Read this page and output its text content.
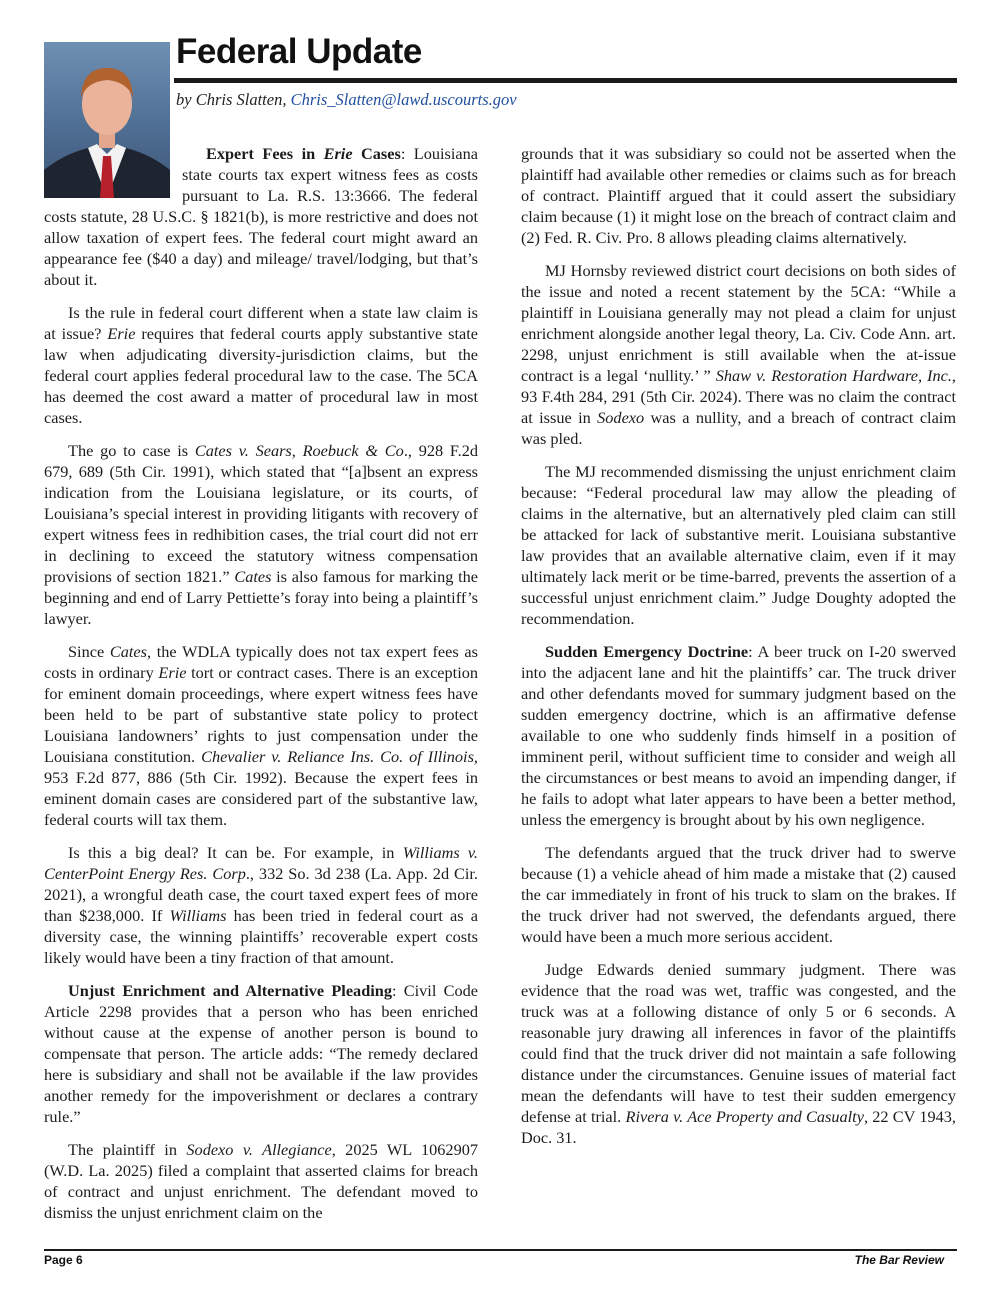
Federal Update
by Chris Slatten, Chris_Slatten@lawd.uscourts.gov

Expert Fees in Erie Cases: Louisiana state courts tax expert witness fees as costs pursuant to La. R.S. 13:3666. The federal costs statute, 28 U.S.C. § 1821(b), is more restrictive and does not allow taxation of expert fees. The federal court might award an appearance fee ($40 a day) and mileage/ travel/lodging, but that’s about it.

Is the rule in federal court different when a state law claim is at issue? Erie requires that federal courts apply substantive state law when adjudicating diversity-jurisdiction claims, but the federal court applies federal procedural law to the case. The 5CA has deemed the cost award a matter of procedural law in most cases.

The go to case is Cates v. Sears, Roebuck & Co., 928 F.2d 679, 689 (5th Cir. 1991), which stated that “[a]bsent an express indication from the Louisiana legislature, or its courts, of Louisiana’s special interest in providing litigants with recovery of expert witness fees in redhibition cases, the trial court did not err in declining to exceed the statutory witness compensation provisions of section 1821.” Cates is also famous for marking the beginning and end of Larry Pettiette’s foray into being a plaintiff’s lawyer.

Since Cates, the WDLA typically does not tax expert fees as costs in ordinary Erie tort or contract cases. There is an exception for eminent domain proceedings, where expert witness fees have been held to be part of substantive state policy to protect Louisiana landowners’ rights to just compensation under the Louisiana constitution. Chevalier v. Reliance Ins. Co. of Illinois, 953 F.2d 877, 886 (5th Cir. 1992). Because the expert fees in eminent domain cases are considered part of the substantive law, federal courts will tax them.

Is this a big deal? It can be. For example, in Williams v. CenterPoint Energy Res. Corp., 332 So. 3d 238 (La. App. 2d Cir. 2021), a wrongful death case, the court taxed expert fees of more than $238,000. If Williams has been tried in federal court as a diversity case, the winning plaintiffs’ recoverable expert costs likely would have been a tiny fraction of that amount.

Unjust Enrichment and Alternative Pleading: Civil Code Article 2298 provides that a person who has been enriched without cause at the expense of another person is bound to compensate that person. The article adds: “The remedy declared here is subsidiary and shall not be available if the law provides another remedy for the impoverishment or declares a contrary rule.”

The plaintiff in Sodexo v. Allegiance, 2025 WL 1062907 (W.D. La. 2025) filed a complaint that asserted claims for breach of contract and unjust enrichment. The defendant moved to dismiss the unjust enrichment claim on the

grounds that it was subsidiary so could not be asserted when the plaintiff had available other remedies or claims such as for breach of contract. Plaintiff argued that it could assert the subsidiary claim because (1) it might lose on the breach of contract claim and (2) Fed. R. Civ. Pro. 8 allows pleading claims alternatively.

MJ Hornsby reviewed district court decisions on both sides of the issue and noted a recent statement by the 5CA: “While a plaintiff in Louisiana generally may not plead a claim for unjust enrichment alongside another legal theory, La. Civ. Code Ann. art. 2298, unjust enrichment is still available when the at-issue contract is a legal ‘nullity.’ ” Shaw v. Restoration Hardware, Inc., 93 F.4th 284, 291 (5th Cir. 2024). There was no claim the contract at issue in Sodexo was a nullity, and a breach of contract claim was pled.

The MJ recommended dismissing the unjust enrichment claim because: “Federal procedural law may allow the pleading of claims in the alternative, but an alternatively pled claim can still be attacked for lack of substantive merit. Louisiana substantive law provides that an available alternative claim, even if it may ultimately lack merit or be time-barred, prevents the assertion of a successful unjust enrichment claim.” Judge Doughty adopted the recommendation.

Sudden Emergency Doctrine: A beer truck on I-20 swerved into the adjacent lane and hit the plaintiffs’ car. The truck driver and other defendants moved for summary judgment based on the sudden emergency doctrine, which is an affirmative defense available to one who suddenly finds himself in a position of imminent peril, without sufficient time to consider and weigh all the circumstances or best means to avoid an impending danger, if he fails to adopt what later appears to have been a better method, unless the emergency is brought about by his own negligence.

The defendants argued that the truck driver had to swerve because (1) a vehicle ahead of him made a mistake that (2) caused the car immediately in front of his truck to slam on the brakes. If the truck driver had not swerved, the defendants argued, there would have been a much more serious accident.

Judge Edwards denied summary judgment. There was evidence that the road was wet, traffic was congested, and the truck was at a following distance of only 5 or 6 seconds. A reasonable jury drawing all inferences in favor of the plaintiffs could find that the truck driver did not maintain a safe following distance under the circumstances. Genuine issues of material fact mean the defendants will have to test their sudden emergency defense at trial. Rivera v. Ace Property and Casualty, 22 CV 1943, Doc. 31.

Page 6	The Bar Review
